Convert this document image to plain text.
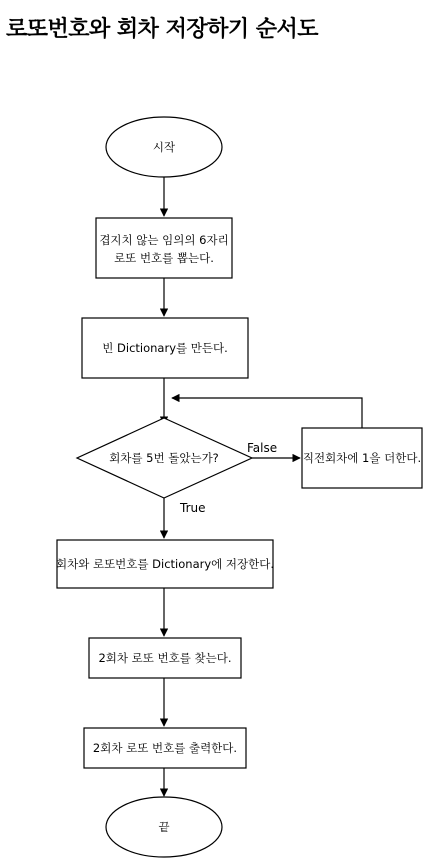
로또번호와 회차 저장하기 순서도
시작
겹지치 않는 임의의 6자리
로또 번호를 뽑는다.
빈 Dictionary를 만든다.
회차를 5번 돌았는가?
False
직전회차에 1을 더한다.
True
회차와 로또번호를 Dictionary에 저장한다.
2회차 로또 번호를 찾는다.
2회차 로또 번호를 출력한다.
끝
